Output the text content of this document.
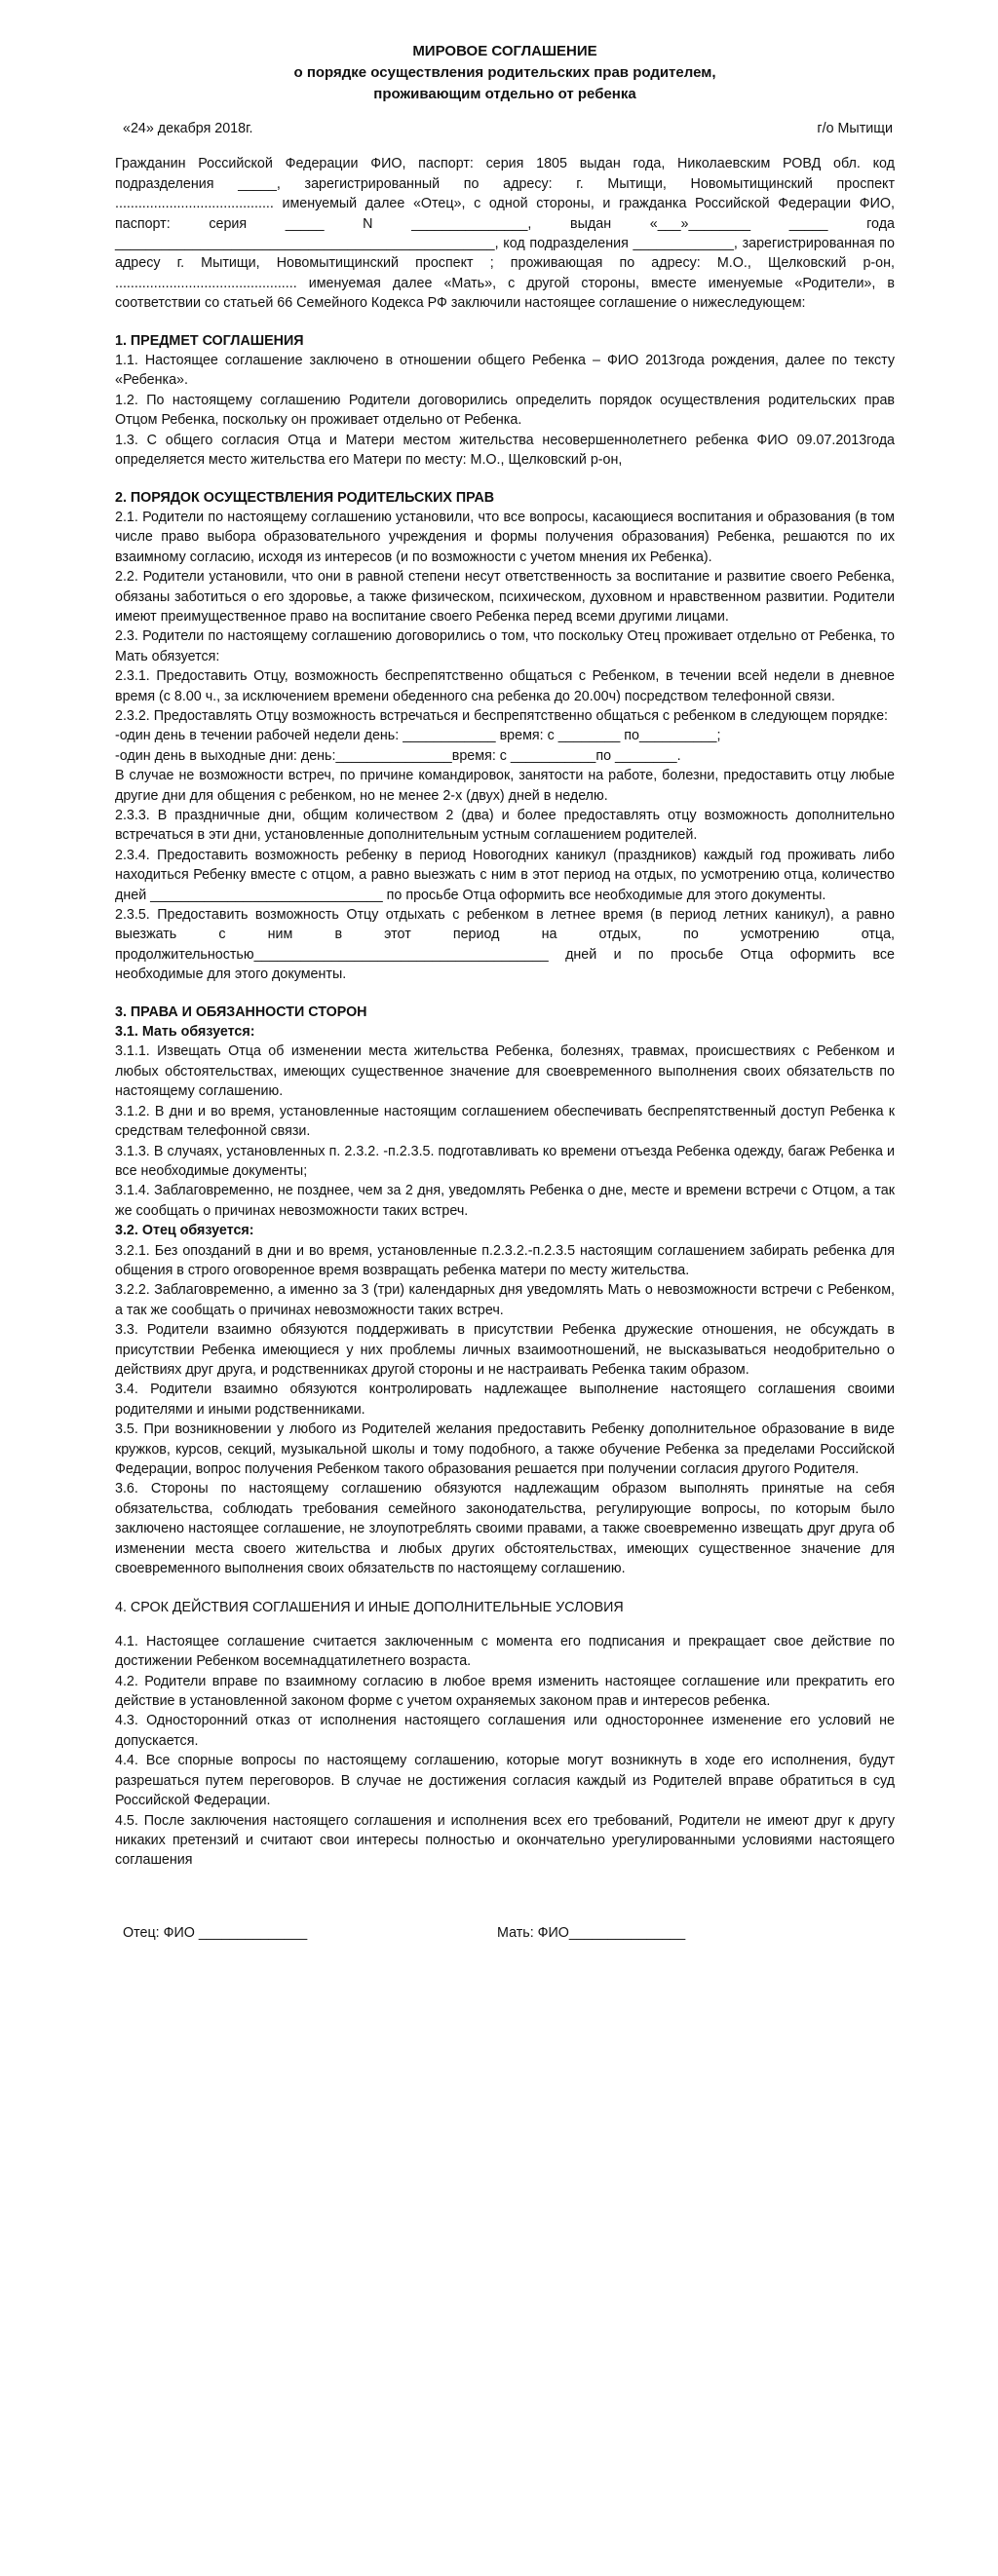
МИРОВОЕ СОГЛАШЕНИЕ
о порядке осуществления родительских прав родителем,
проживающим отдельно от ребенка
«24» декабря 2018г.	г/о Мытищи

Гражданин Российской Федерации ФИО, паспорт: серия 1805 выдан года, Николаевским РОВД обл. код подразделения _____, зарегистрированный по адресу: г. Мытищи, Новомытищинский проспект ......................................... именуемый далее «Отец», с одной стороны, и гражданка Российской Федерации ФИО, паспорт: серия _____ N _______________, выдан «___»________ _____ года _________________________________________________, код подразделения _____________, зарегистрированная по адресу г. Мытищи, Новомытищинский проспект ; проживающая по адресу: М.О., Щелковский р-он, ............................................... именуемая далее «Мать», с другой стороны, вместе именуемые «Родители», в соответствии со статьей 66 Семейного Кодекса РФ заключили настоящее соглашение о нижеследующем:

1. ПРЕДМЕТ СОГЛАШЕНИЯ

1.1. Настоящее соглашение заключено в отношении общего Ребенка – ФИО 2013года рождения, далее по тексту «Ребенка».

1.2. По настоящему соглашению Родители договорились определить порядок осуществления родительских прав Отцом Ребенка, поскольку он проживает отдельно от Ребенка.

1.3. С общего согласия Отца и Матери местом жительства несовершеннолетнего ребенка ФИО 09.07.2013года определяется место жительства его Матери по месту: М.О., Щелковский р-он,

2. ПОРЯДОК ОСУЩЕСТВЛЕНИЯ РОДИТЕЛЬСКИХ ПРАВ

2.1. Родители по настоящему соглашению установили, что все вопросы, касающиеся воспитания и образования (в том числе право выбора образовательного учреждения и формы получения образования) Ребенка, решаются по их взаимному согласию, исходя из интересов (и по возможности с учетом мнения их Ребенка).

2.2. Родители установили, что они в равной степени несут ответственность за воспитание и развитие своего Ребенка, обязаны заботиться о его здоровье, а также физическом, психическом, духовном и нравственном развитии. Родители имеют преимущественное право на воспитание своего Ребенка перед всеми другими лицами.

2.3. Родители по настоящему соглашению договорились о том, что поскольку Отец проживает отдельно от Ребенка, то Мать обязуется:

2.3.1. Предоставить Отцу, возможность беспрепятственно общаться с Ребенком, в течении всей недели в дневное время (с 8.00 ч., за исключением времени обеденного сна ребенка до 20.00ч) посредством телефонной связи.

2.3.2. Предоставлять Отцу возможность встречаться и беспрепятственно общаться с ребенком в следующем порядке:

-один день в течении рабочей недели день: ____________ время: с ________ по__________;

-один день в выходные дни: день:_______________время: с ___________по ________.

В случае не возможности встреч, по причине командировок, занятости на работе, болезни, предоставить отцу любые другие дни для общения с ребенком, но не менее 2-х (двух) дней в неделю.

2.3.3. В праздничные дни, общим количеством 2 (два) и более предоставлять отцу возможность дополнительно встречаться в эти дни, установленные дополнительным устным соглашением родителей.

2.3.4. Предоставить возможность ребенку в период Новогодних каникул (праздников) каждый год проживать либо находиться Ребенку вместе с отцом, а равно выезжать с ним в этот период на отдых, по усмотрению отца, количество дней ______________________________ по просьбе Отца оформить все необходимые для этого документы.

2.3.5. Предоставить возможность Отцу отдыхать с ребенком в летнее время (в период летних каникул), а равно выезжать с ним в этот период на отдых, по усмотрению отца, продолжительностью______________________________________ дней и по просьбе Отца оформить все необходимые для этого документы.

3. ПРАВА И ОБЯЗАННОСТИ СТОРОН
3.1. Мать обязуется:

3.1.1. Извещать Отца об изменении места жительства Ребенка, болезнях, травмах, происшествиях с Ребенком и любых обстоятельствах, имеющих существенное значение для своевременного выполнения своих обязательств по настоящему соглашению.

3.1.2. В дни и во время, установленные настоящим соглашением обеспечивать беспрепятственный доступ Ребенка к средствам телефонной связи.

3.1.3. В случаях, установленных п. 2.3.2. -п.2.3.5. подготавливать ко времени отъезда Ребенка одежду, багаж Ребенка и все необходимые документы;

3.1.4. Заблаговременно, не позднее, чем за 2 дня, уведомлять Ребенка о дне, месте и времени встречи с Отцом, а так же сообщать о причинах невозможности таких встреч.

3.2. Отец обязуется:

3.2.1. Без опозданий в дни и во время, установленные п.2.3.2.-п.2.3.5 настоящим соглашением забирать ребенка для общения в строго оговоренное время возвращать ребенка матери по месту жительства.

3.2.2. Заблаговременно, а именно за 3 (три) календарных дня уведомлять Мать о невозможности встречи с Ребенком, а так же сообщать о причинах невозможности таких встреч.

3.3. Родители взаимно обязуются поддерживать в присутствии Ребенка дружеские отношения, не обсуждать в присутствии Ребенка имеющиеся у них проблемы личных взаимоотношений, не высказываться неодобрительно о действиях друг друга, и родственниках другой стороны и не настраивать Ребенка таким образом.

3.4. Родители взаимно обязуются контролировать надлежащее выполнение настоящего соглашения своими родителями и иными родственниками.

3.5. При возникновении у любого из Родителей желания предоставить Ребенку дополнительное образование в виде кружков, курсов, секций, музыкальной школы и тому подобного, а также обучение Ребенка за пределами Российской Федерации, вопрос получения Ребенком такого образования решается при получении согласия другого Родителя.

3.6. Стороны по настоящему соглашению обязуются надлежащим образом выполнять принятые на себя обязательства, соблюдать требования семейного законодательства, регулирующие вопросы, по которым было заключено настоящее соглашение, не злоупотреблять своими правами, а также своевременно извещать друг друга об изменении места своего жительства и любых других обстоятельствах, имеющих существенное значение для своевременного выполнения своих обязательств по настоящему соглашению.

4. СРОК ДЕЙСТВИЯ СОГЛАШЕНИЯ И ИНЫЕ ДОПОЛНИТЕЛЬНЫЕ УСЛОВИЯ

4.1. Настоящее соглашение считается заключенным с момента его подписания и прекращает свое действие по достижении Ребенком восемнадцатилетнего возраста.

4.2. Родители вправе по взаимному согласию в любое время изменить настоящее соглашение или прекратить его действие в установленной законом форме с учетом охраняемых законом прав и интересов ребенка.

4.3. Односторонний отказ от исполнения настоящего соглашения или одностороннее изменение его условий не допускается.

4.4. Все спорные вопросы по настоящему соглашению, которые могут возникнуть в ходе его исполнения, будут разрешаться путем переговоров. В случае не достижения согласия каждый из Родителей вправе обратиться в суд Российской Федерации.

4.5. После заключения настоящего соглашения и исполнения всех его требований, Родители не имеют друг к другу никаких претензий и считают свои интересы полностью и окончательно урегулированными условиями настоящего соглашения

Отец: ФИО ______________	Мать: ФИО_______________
